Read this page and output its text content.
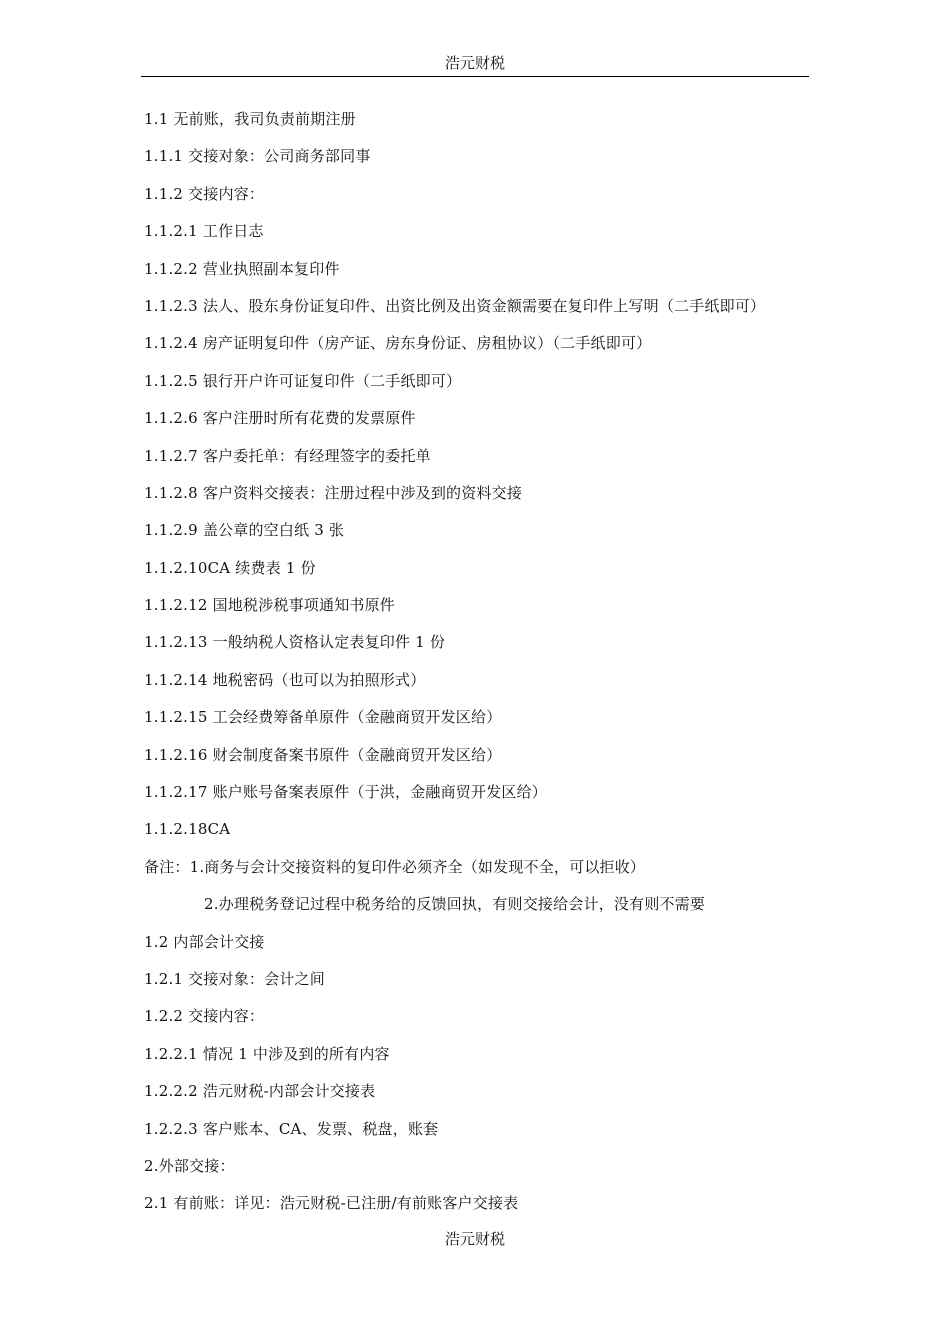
浩元财税
1.1 无前账，我司负责前期注册
1.1.1 交接对象：公司商务部同事
1.1.2 交接内容：
1.1.2.1 工作日志
1.1.2.2 营业执照副本复印件
1.1.2.3 法人、股东身份证复印件、出资比例及出资金额需要在复印件上写明（二手纸即可）
1.1.2.4 房产证明复印件（房产证、房东身份证、房租协议）（二手纸即可）
1.1.2.5 银行开户许可证复印件（二手纸即可）
1.1.2.6 客户注册时所有花费的发票原件
1.1.2.7 客户委托单：有经理签字的委托单
1.1.2.8 客户资料交接表：注册过程中涉及到的资料交接
1.1.2.9 盖公章的空白纸 3 张
1.1.2.10CA 续费表 1 份
1.1.2.12 国地税涉税事项通知书原件
1.1.2.13 一般纳税人资格认定表复印件 1 份
1.1.2.14 地税密码（也可以为拍照形式）
1.1.2.15 工会经费筹备单原件（金融商贸开发区给）
1.1.2.16 财会制度备案书原件（金融商贸开发区给）
1.1.2.17 账户账号备案表原件（于洪，金融商贸开发区给）
1.1.2.18CA
备注：1.商务与会计交接资料的复印件必须齐全（如发现不全，可以拒收）
2.办理税务登记过程中税务给的反馈回执，有则交接给会计，没有则不需要
1.2 内部会计交接
1.2.1 交接对象：会计之间
1.2.2 交接内容：
1.2.2.1 情况 1 中涉及到的所有内容
1.2.2.2 浩元财税-内部会计交接表
1.2.2.3 客户账本、CA、发票、税盘，账套
2.外部交接：
2.1 有前账：详见：浩元财税-已注册/有前账客户交接表
浩元财税
